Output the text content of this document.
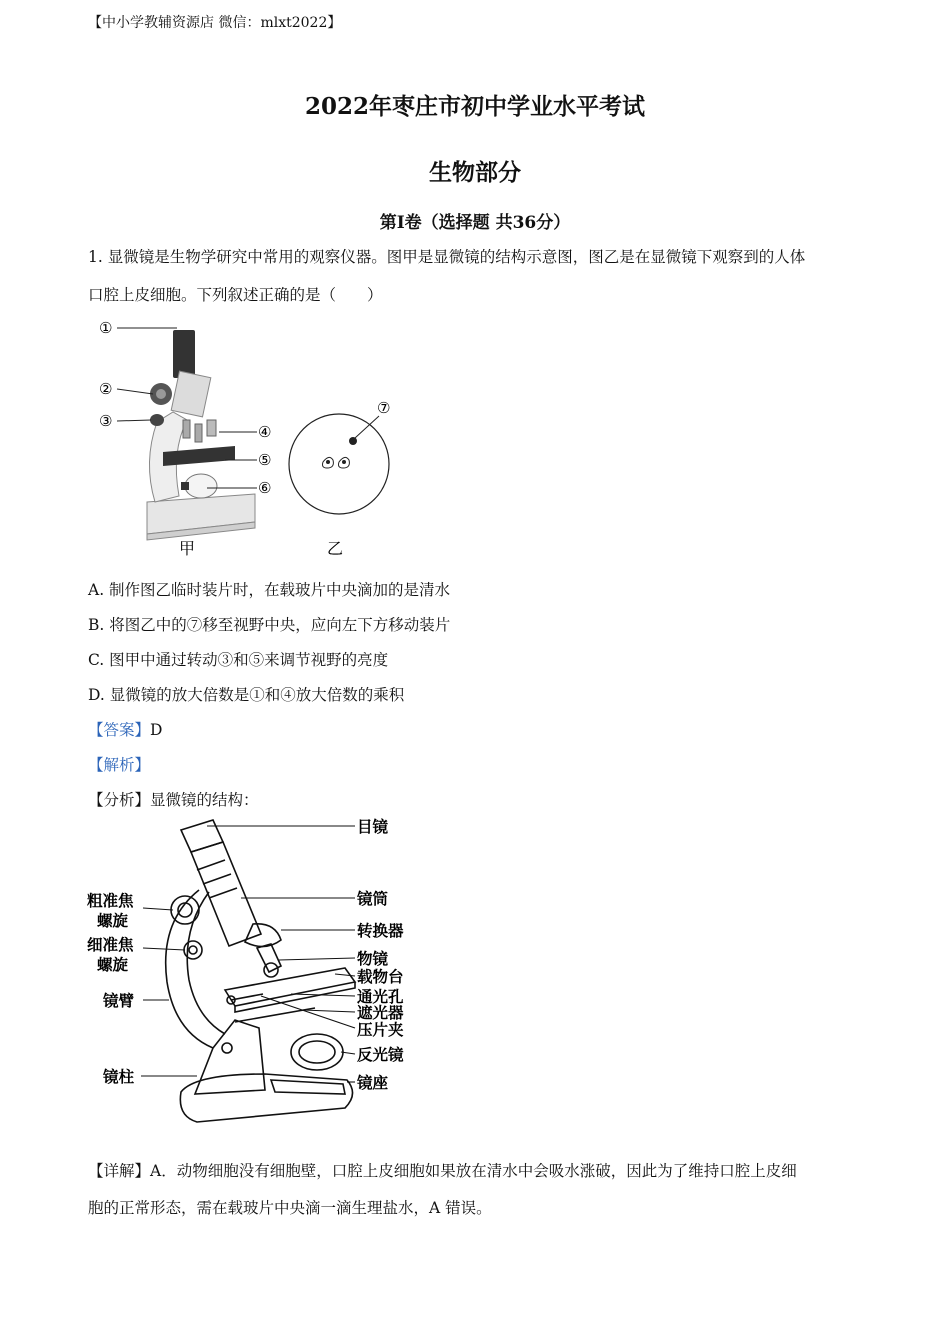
【中小学教辅资源店 微信：mlxt2022】
2022年枣庄市初中学业水平考试
生物部分
第Ⅰ卷（选择题 共36分）
1. 显微镜是生物学研究中常用的观察仪器。图甲是显微镜的结构示意图，图乙是在显微镜下观察到的人体
口腔上皮细胞。下列叙述正确的是（　　）
①
②
③
④
⑤
⑥
⑦
甲	乙
A. 制作图乙临时装片时，在载玻片中央滴加的是清水
B. 将图乙中的⑦移至视野中央，应向左下方移动装片
C. 图甲中通过转动③和⑤来调节视野的亮度
D. 显微镜的放大倍数是①和④放大倍数的乘积
【答案】D
【解析】
【分析】显微镜的结构：
目镜
镜筒
转换器
物镜
载物台
通光孔
遮光器
压片夹
反光镜
镜座
粗准焦
螺旋
细准焦
螺旋
镜臂
镜柱
【详解】A．动物细胞没有细胞壁，口腔上皮细胞如果放在清水中会吸水涨破，因此为了维持口腔上皮细
胞的正常形态，需在载玻片中央滴一滴生理盐水，A 错误。
